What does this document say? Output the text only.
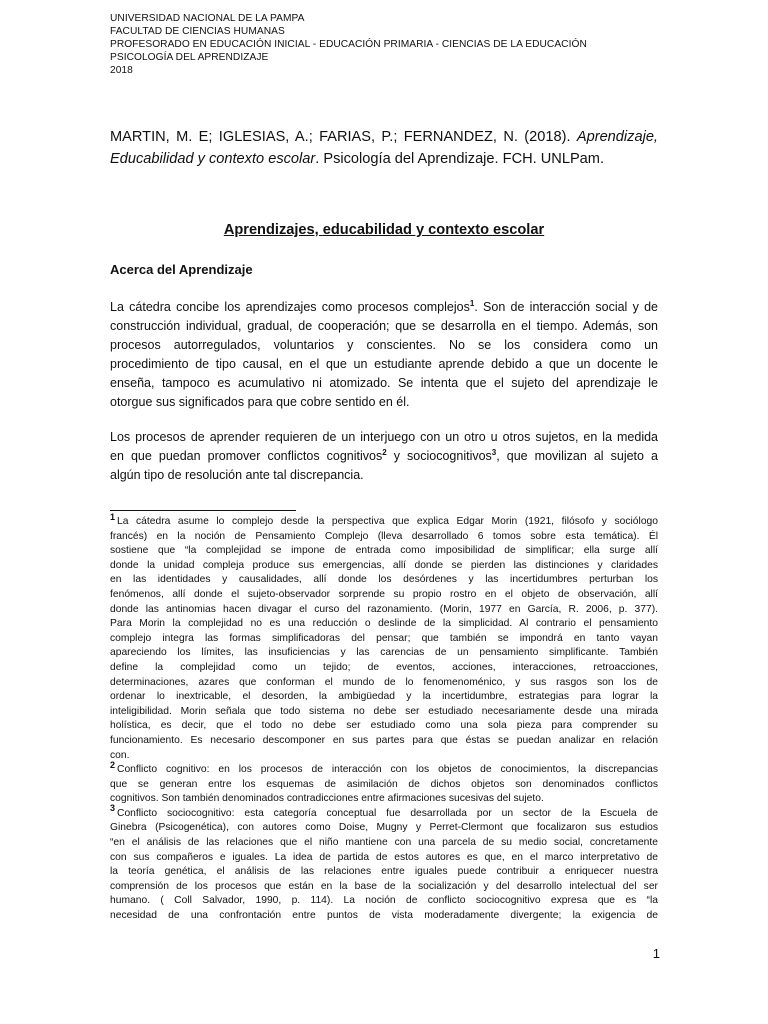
UNIVERSIDAD NACIONAL DE LA PAMPA
FACULTAD DE CIENCIAS HUMANAS
PROFESORADO EN EDUCACIÓN INICIAL - EDUCACIÓN PRIMARIA - CIENCIAS DE LA EDUCACIÓN
PSICOLOGÍA DEL APRENDIZAJE
2018
MARTIN, M. E; IGLESIAS, A.; FARIAS, P.; FERNANDEZ, N. (2018). Aprendizaje,
Educabilidad y contexto escolar. Psicología del Aprendizaje. FCH. UNLPam.
Aprendizajes, educabilidad y contexto escolar
Acerca del Aprendizaje
La cátedra concibe los aprendizajes como procesos complejos$^1$. Son de interacción social y de
construcción individual, gradual, de cooperación; que se desarrolla en el tiempo. Además, son
procesos autorregulados, voluntarios y conscientes. No se los considera como un
procedimiento de tipo causal, en el que un estudiante aprende debido a que un docente le
enseña, tampoco es acumulativo ni atomizado. Se intenta que el sujeto del aprendizaje le
otorgue sus significados para que cobre sentido en él.
Los procesos de aprender requieren de un interjuego con un otro u otros sujetos, en la medida
en que puedan promover conflictos cognitivos$^2$ y sociocognitivos$^3$, que movilizan al sujeto a
algún tipo de resolución ante tal discrepancia.
1 La cátedra asume lo complejo desde la perspectiva que explica Edgar Morin (1921, filósofo y sociólogo
francés) en la noción de Pensamiento Complejo (lleva desarrollado 6 tomos sobre esta temática). Él
sostiene que “la complejidad se impone de entrada como imposibilidad de simplificar; ella surge allí
donde la unidad compleja produce sus emergencias, allí donde se pierden las distinciones y claridades
en las identidades y causalidades, allí donde los desórdenes y las incertidumbres perturban los
fenómenos, allí donde el sujeto-observador sorprende su propio rostro en el objeto de observación, allí
donde las antinomias hacen divagar el curso del razonamiento. (Morin, 1977 en García, R. 2006, p. 377).
Para Morin la complejidad no es una reducción o deslinde de la simplicidad. Al contrario el pensamiento
complejo integra las formas simplificadoras del pensar; que también se impondrá en tanto vayan
apareciendo los límites, las insuficiencias y las carencias de un pensamiento simplificante. También
define la complejidad como un tejido; de eventos, acciones, interacciones, retroacciones,
determinaciones, azares que conforman el mundo de lo fenomenoménico, y sus rasgos son los de
ordenar lo inextricable, el desorden, la ambigüedad y la incertidumbre, estrategias para lograr la
inteligibilidad. Morin señala que todo sistema no debe ser estudiado necesariamente desde una mirada
holística, es decir, que el todo no debe ser estudiado como una sola pieza para comprender su
funcionamiento. Es necesario descomponer en sus partes para que éstas se puedan analizar en relación
con.
2 Conflicto cognitivo: en los procesos de interacción con los objetos de conocimientos, la discrepancias
que se generan entre los esquemas de asimilación de dichos objetos son denominados conflictos
cognitivos. Son también denominados contradicciones entre afirmaciones sucesivas del sujeto.
3 Conflicto sociocognitivo: esta categoría conceptual fue desarrollada por un sector de la Escuela de
Ginebra (Psicogenética), con autores como Doise, Mugny y Perret-Clermont que focalizaron sus estudios
“en el análisis de las relaciones que el niño mantiene con una parcela de su medio social, concretamente
con sus compañeros e iguales. La idea de partida de estos autores es que, en el marco interpretativo de
la teoría genética, el análisis de las relaciones entre iguales puede contribuir a enriquecer nuestra
comprensión de los procesos que están en la base de la socialización y del desarrollo intelectual del ser
humano. ( Coll Salvador, 1990, p. 114). La noción de conflicto sociocognitivo expresa que es “la
necesidad de una confrontación entre puntos de vista moderadamente divergente; la exigencia de
1
